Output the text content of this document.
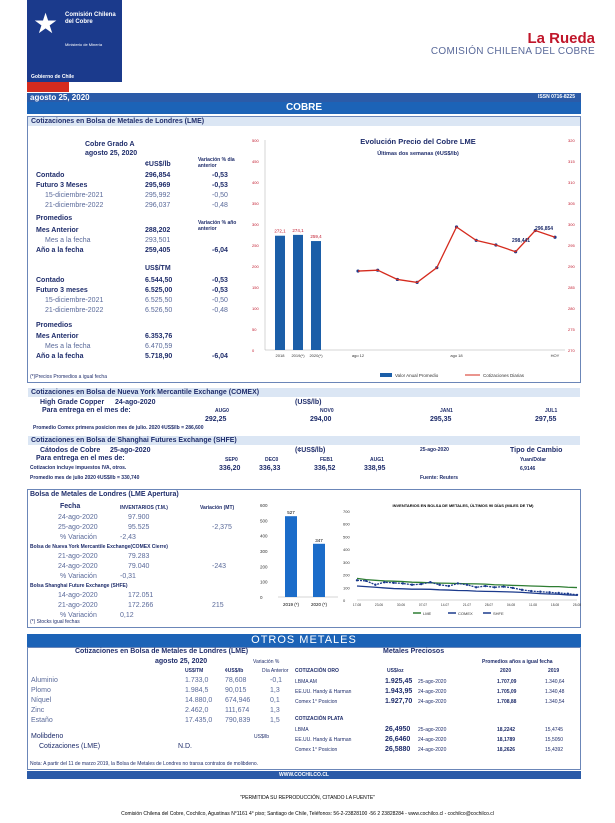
★	Comisión Chilena del Cobre
Ministerio de Minería
Gobierno de Chile
La Rueda
COMISIÓN CHILENA DEL COBRE
agosto 25, 2020	ISSN 0716-8225
COBRE
Cotizaciones en Bolsa de Metales de Londres (LME)
Cobre Grado A
agosto 25, 2020
¢US$/lb
Variación % día anterior
Promedios
Variación % año anterior
US$/TM
Promedios
(*)Precios Promedios a igual fecha
Evolución Precio del Cobre LME
Últimas dos semanas (¢US$/lb)
0
50
100
150
200
250
300
350
400
450
500
270
275
280
285
290
295
300
305
310
315
320
272,1
2018
274,1
2019(*)
259,4
2020(*)	ago 12	ago 18	HOY
298,441
296,854
Valor Anual Promedio	Cotizaciones Diarias
Cotizaciones en Bolsa de Nueva York Mercantile Exchange (COMEX)
High Grade Copper 24-ago-2020	(US$/lb)
Para entrega en el mes de:
Promedio Comex primera posicion mes de julio. 2020 ¢US$/lb = 286,600
Cotizaciones en Bolsa de Shanghai Futures Exchange (SHFE)
Cátodos de Cobre 25-ago-2020	(¢US$/lb)
Para entrega en el mes de:
Cotizacion incluye impuestos IVA, otros.
Promedio mes de julio 2020 ¢US$/lb = 330,740
25-ago-2020	Tipo de Cambio
Yuan/Dólar
6,9146
Fuente: Reuters
Bolsa de Metales de Londres (LME Apertura)
Fecha	INVENTARIOS (T.M.)	Variación (MT)
(*) Stocks igual fechas
0
100
200
300
400
500
600
527
2019 (*)
347
2020 (*)
INVENTARIOS EN BOLSA DE METALES, ÚLTIMOS 90 DÍAS (MILES DE TM)
0
100
200
300
400
500
600
700
17-08	23-06	30-06	07-07	14-07	21-07	28-07	04-08	11-08	18-08	25-08
LME	COMEX	SHFE
OTROS METALES
Cotizaciones en Bolsa de Metales de Londres (LME)
agosto 25, 2020	Variación %
US$/TM	¢US$/lb	Día Anterior
Molibdeno	US$/lb
Cotizaciones (LME)	N.D.
Metales Preciosos
Promedios años a igual fecha
US$/oz	2020	2019
COTIZACIÓN ORO
COTIZACIÓN PLATA
Nota: A partir del 11 de marzo 2019, la Bolsa de Metales de Londres no transa contratos de molibdeno.
WWW.COCHILCO.CL
"PERMITIDA SU REPRODUCCIÓN, CITANDO LA FUENTE"
Comisión Chilena del Cobre, Cochilco, Agustinas N°1161 4° piso; Santiago de Chile, Teléfonos: 56-2-23828100 -56 2 23828284 - www.cochilco.cl - cochilco@cochilco.cl
Contado	296,854	-0,53
Futuro 3 Meses	295,969	-0,53
15-diciembre-2021	295,992	-0,50
21-diciembre-2022	296,037	-0,48
Mes Anterior	288,202
Mes a la fecha	293,501
Año a la fecha	259,405	-6,04
Contado	6.544,50	-0,53
Futuro 3 meses	6.525,00	-0,53
15-diciembre-2021	6.525,50	-0,50
21-diciembre-2022	6.526,50	-0,48
Mes Anterior	6.353,76
Mes a la fecha	6.470,59
Año a la fecha	5.718,90	-6,04
AUG0
292,25
NOV0
294,00
JAN1
295,35
JUL1
297,55
SEP0
336,20
DEC0
336,33
FEB1
336,52
AUG1
338,95
24-ago-2020	97.900
25-ago-2020	95.525	-2,375
% Variación	-2,43
Bolsa de Nueva York Mercantile Exchange(COMEX Cierre)
21-ago-2020	79.283
24-ago-2020	79.040	-243
% Variación	-0,31
Bolsa Shanghai Future Exchange (SHFE)
14-ago-2020	172.051
21-ago-2020	172.266	215
% Variación	0,12
Aluminio	1.733,0 78,608	-0,1
Plomo	1.984,5 90,015	1,3
Níquel	14.880,0 674,946	0,1
Zinc	2.462,0 111,674	1,3
Estaño	17.435,0 790,839	1,5
LBMA AM	1.925,45 25-ago-2020	1.707,09	1.340,64
EE.UU. Handy & Harman	1.943,95 24-ago-2020	1.705,09	1.340,48
Comex 1° Posicion	1.927,70 24-ago-2020	1.708,88	1.340,54
LBMA	26,4950 25-ago-2020	18,2242	15,4745
EE.UU. Handy & Harman	26,6460 24-ago-2020	18,1789	15,5050
Comex 1° Posicion	26,5880 24-ago-2020	18,2626	15,4392
